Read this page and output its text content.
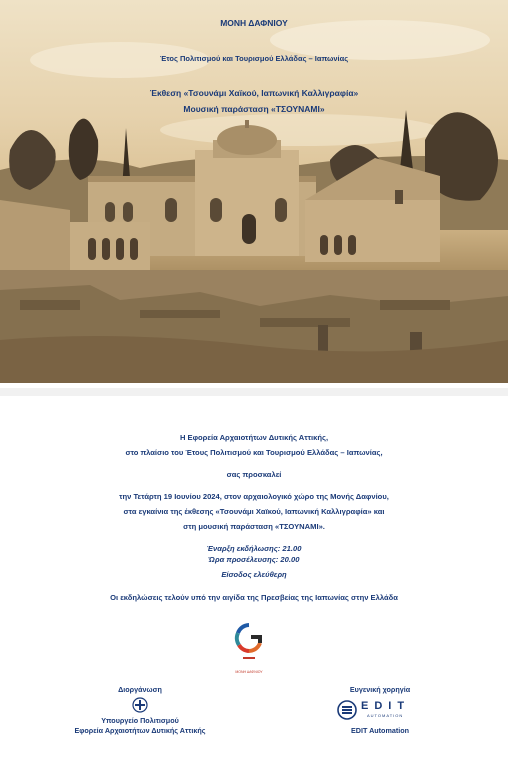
ΜΟΝΗ ΔΑΦΝΙΟΥ
Έτος Πολιτισμού και Τουρισμού Ελλάδας – Ιαπωνίας
Έκθεση «Τσουνάμι Χαϊκού, Ιαπωνική Καλλιγραφία»
Μουσική παράσταση «ΤΣΟΥΝΑΜΙ»
Η Εφορεία Αρχαιοτήτων Δυτικής Αττικής,
στο πλαίσιο του Έτους Πολιτισμού και Τουρισμού Ελλάδας – Ιαπωνίας,
σας προσκαλεί
την Τετάρτη 19 Ιουνίου 2024, στον αρχαιολογικό χώρο της Μονής Δαφνίου,
στα εγκαίνια της έκθεσης «Τσουνάμι Χαϊκού, Ιαπωνική Καλλιγραφία» και
στη μουσική παράσταση «ΤΣΟΥΝΑΜΙ».
Έναρξη εκδήλωσης: 21.00
Ώρα προσέλευσης: 20.00
Είσοδος ελεύθερη
Οι εκδηλώσεις τελούν υπό την αιγίδα της Πρεσβείας της Ιαπωνίας στην Ελλάδα
ΜΟΝΗ ΔΑΦΝΙΟΥ
Διοργάνωση
Υπουργείο Πολιτισμού
Εφορεία Αρχαιοτήτων Δυτικής Αττικής
Ευγενική χορηγία
EDIT
AUTOMATION
EDIT Automation
